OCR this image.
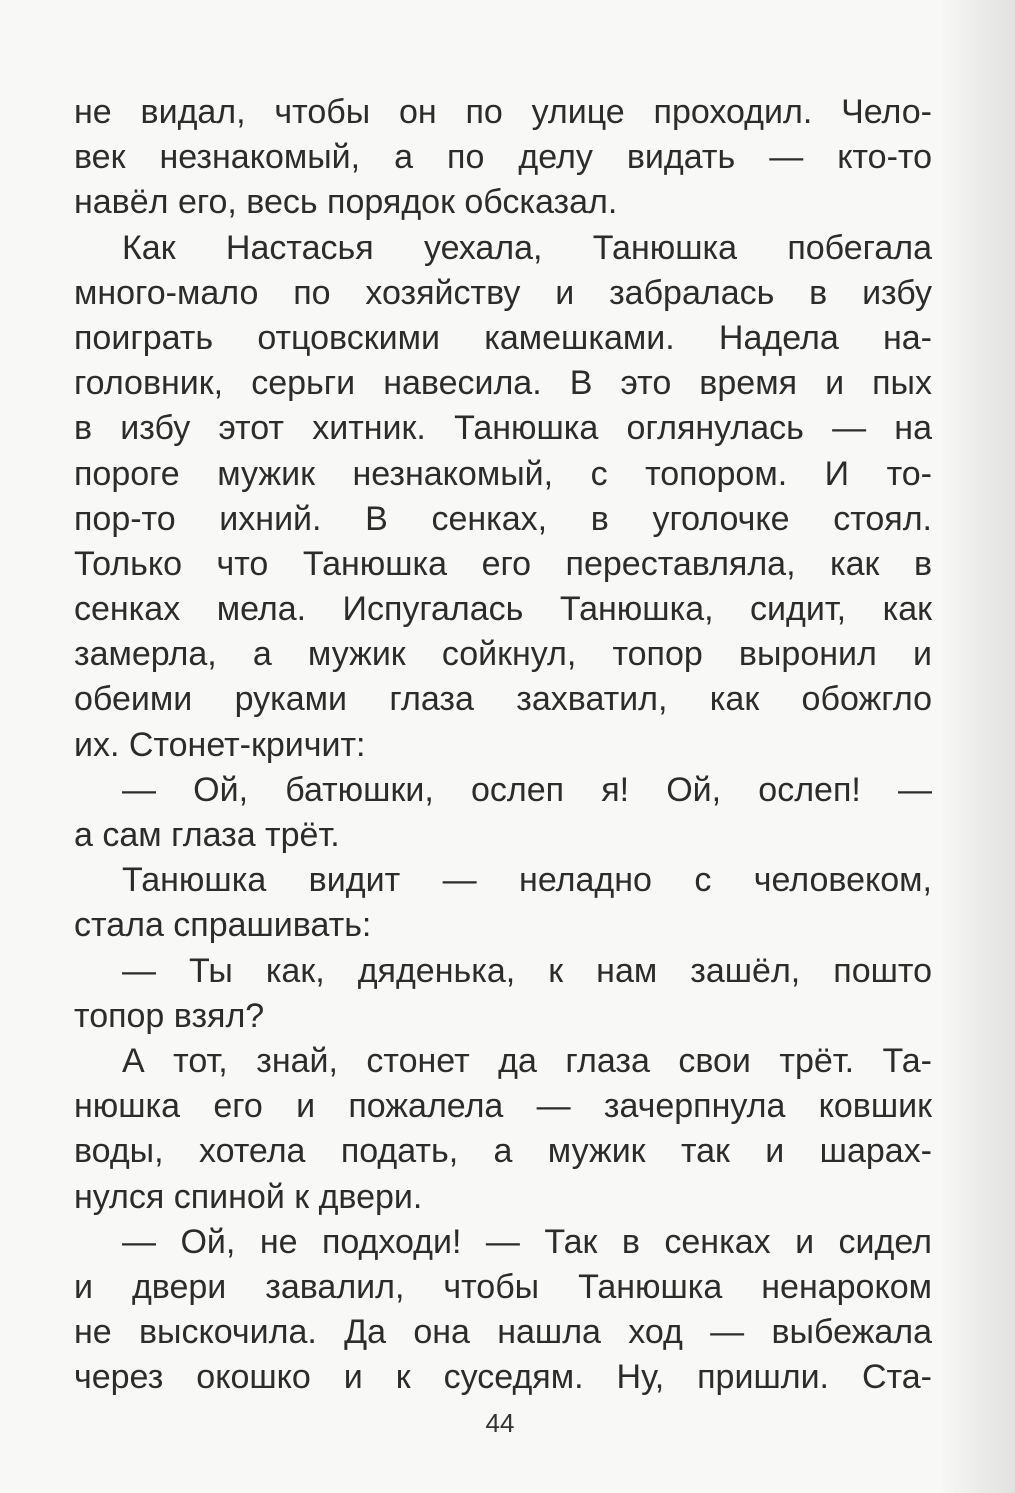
не видал, чтобы он по улице проходил. Чело-
век незнакомый, а по делу видать — кто-то
навёл его, весь порядок обсказал.
Как Настасья уехала, Танюшка побегала
много-мало по хозяйству и забралась в избу
поиграть отцовскими камешками. Надела на-
головник, серьги навесила. В это время и пых
в избу этот хитник. Танюшка оглянулась — на
пороге мужик незнакомый, с топором. И то-
пор-то ихний. В сенках, в уголочке стоял.
Только что Танюшка его переставляла, как в
сенках мела. Испугалась Танюшка, сидит, как
замерла, а мужик сойкнул, топор выронил и
обеими руками глаза захватил, как обожгло
их. Стонет-кричит:
— Ой, батюшки, ослеп я! Ой, ослеп! —
а сам глаза трёт.
Танюшка видит — неладно с человеком,
стала спрашивать:
— Ты как, дяденька, к нам зашёл, пошто
топор взял?
А тот, знай, стонет да глаза свои трёт. Та-
нюшка его и пожалела — зачерпнула ковшик
воды, хотела подать, а мужик так и шарах-
нулся спиной к двери.
— Ой, не подходи! — Так в сенках и сидел
и двери завалил, чтобы Танюшка ненароком
не выскочила. Да она нашла ход — выбежала
через окошко и к суседям. Ну, пришли. Ста-
44
